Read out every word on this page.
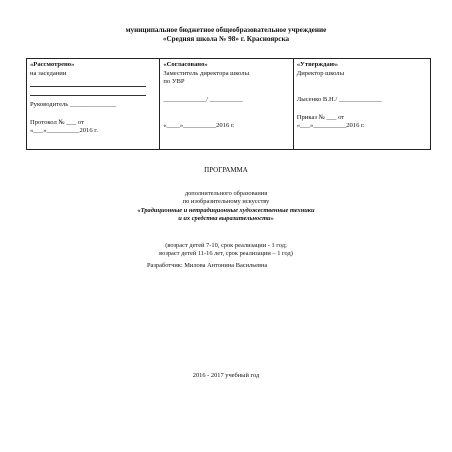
муниципальное бюджетное общеобразовательное учреждение
«Средняя школа № 98» г. Красноярска
«Рассмотрено»
на заседании
Руководитель ______________
Протокол № ___ от
«___»__________2016 г.

«Согласовано»
Заместитель директора школы
по УВР
_____________/ __________
«____»__________2016 г.

«Утверждаю»
Директор школы
Лысенко В.Н./ _____________
Приказ № ___ от
«___»__________2016 г.
ПРОГРАММА
дополнительного образования
по изобразительному искусству
«Традиционные и нетрадиционные художественные техники
и их средства выразительности»
(возраст детей 7-10, срок реализации - 1 год;
возраст детей 11-16 лет, срок реализации – 1 год)
Разработчик: Милова Антонина Васильевна
2016 - 2017 учебный год
